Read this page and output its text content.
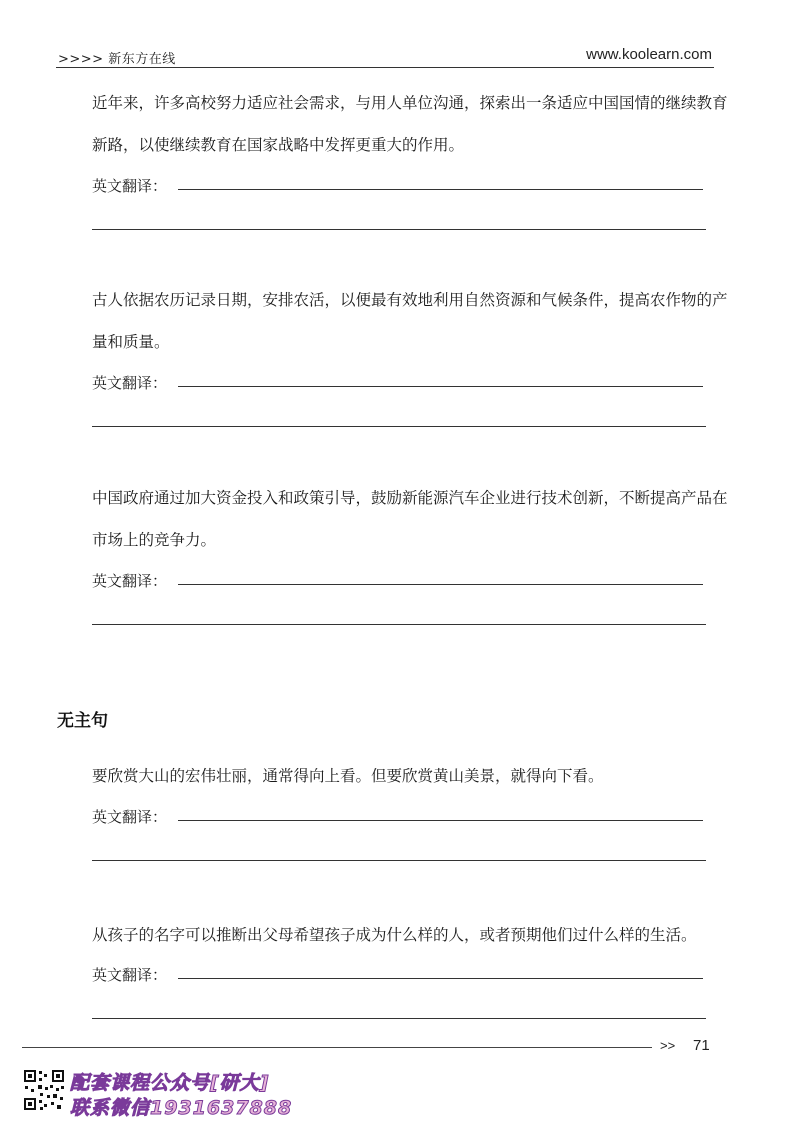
>>>> 新东方在线	www.koolearn.com
近年来，许多高校努力适应社会需求，与用人单位沟通，探索出一条适应中国国情的继续教育新路，以使继续教育在国家战略中发挥更重大的作用。
英文翻译：
古人依据农历记录日期，安排农活，以便最有效地利用自然资源和气候条件，提高农作物的产量和质量。
英文翻译：
中国政府通过加大资金投入和政策引导，鼓励新能源汽车企业进行技术创新，不断提高产品在市场上的竞争力。
英文翻译：
无主句
要欣赏大山的宏伟壮丽，通常得向上看。但要欣赏黄山美景，就得向下看。
英文翻译：
从孩子的名字可以推断出父母希望孩子成为什么样的人，或者预期他们过什么样的生活。
英文翻译：
>> 71
配套课程公众号[研大]
联系微信1931637888
